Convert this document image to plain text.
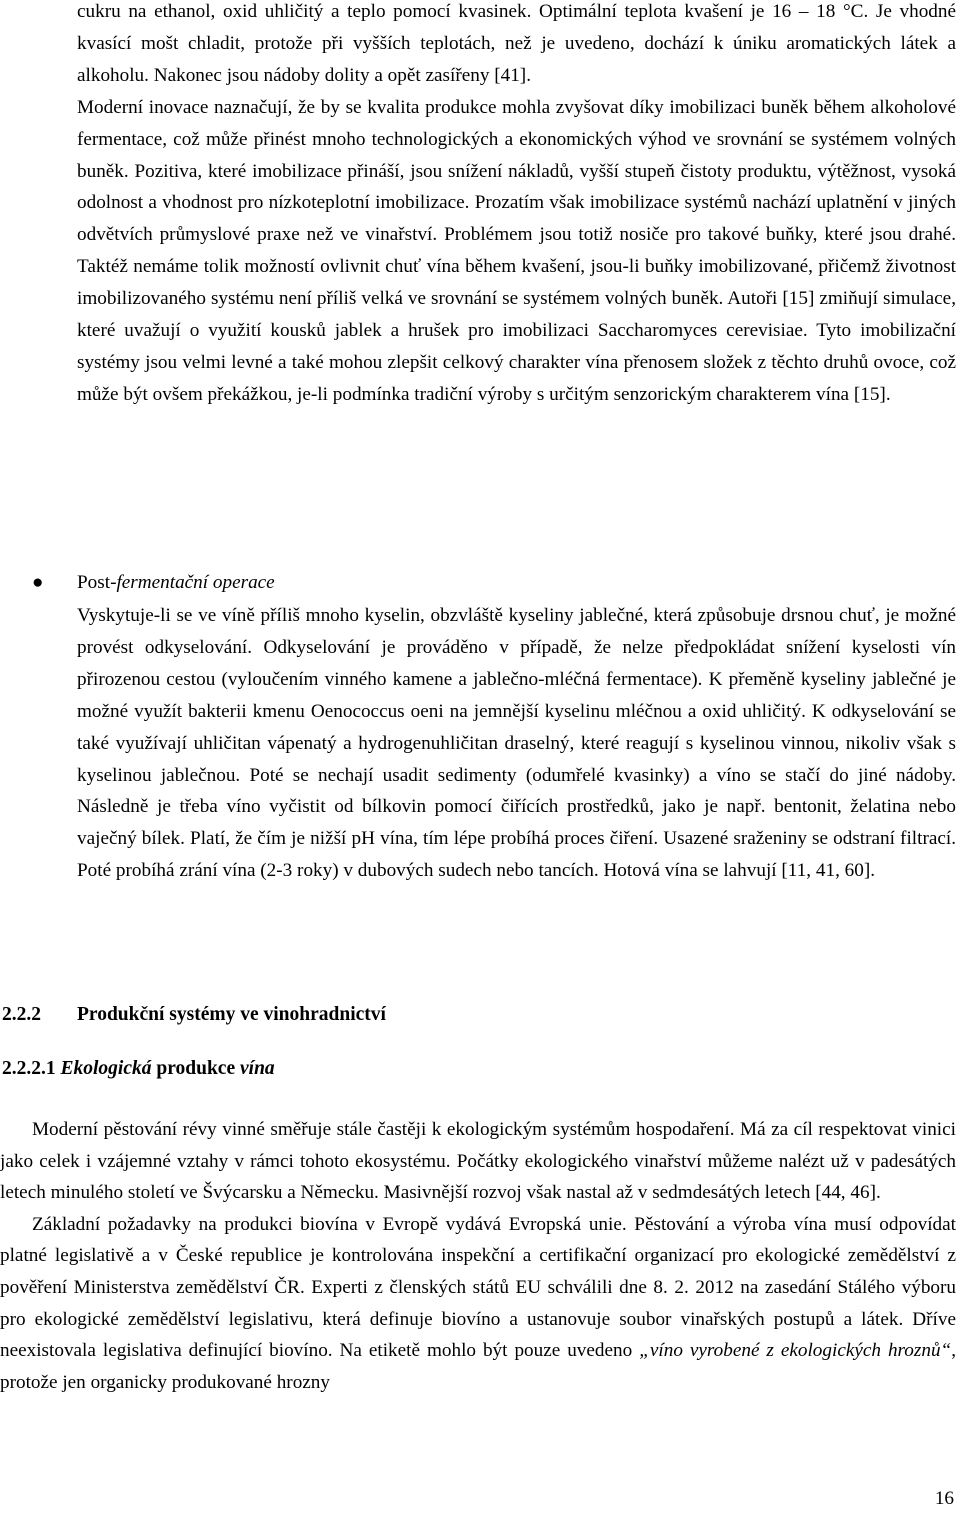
cukru na ethanol, oxid uhličitý a teplo pomocí kvasinek. Optimální teplota kvašení je 16 – 18 °C. Je vhodné kvasící mošt chladit, protože při vyšších teplotách, než je uvedeno, dochází k úniku aromatických látek a alkoholu. Nakonec jsou nádoby dolity a opět zasířeny [41].

Moderní inovace naznačují, že by se kvalita produkce mohla zvyšovat díky imobilizaci buněk během alkoholové fermentace, což může přinést mnoho technologických a ekonomických výhod ve srovnání se systémem volných buněk. Pozitiva, které imobilizace přináší, jsou snížení nákladů, vyšší stupeň čistoty produktu, výtěžnost, vysoká odolnost a vhodnost pro nízkoteplotní imobilizace. Prozatím však imobilizace systémů nachází uplatnění v jiných odvětvích průmyslové praxe než ve vinařství. Problémem jsou totiž nosiče pro takové buňky, které jsou drahé. Taktéž nemáme tolik možností ovlivnit chuť vína během kvašení, jsou-li buňky imobilizované, přičemž životnost imobilizovaného systému není příliš velká ve srovnání se systémem volných buněk. Autoři [15] zmiňují simulace, které uvažují o využití kousků jablek a hrušek pro imobilizaci Saccharomyces cerevisiae. Tyto imobilizační systémy jsou velmi levné a také mohou zlepšit celkový charakter vína přenosem složek z těchto druhů ovoce, což může být ovšem překážkou, je-li podmínka tradiční výroby s určitým senzorickým charakterem vína [15].

● Post-fermentační operace

Vyskytuje-li se ve víně příliš mnoho kyselin, obzvláště kyseliny jablečné, která způsobuje drsnou chuť, je možné provést odkyselování. Odkyselování je prováděno v případě, že nelze předpokládat snížení kyselosti vín přirozenou cestou (vyloučením vinného kamene a jablečno-mléčná fermentace). K přeměně kyseliny jablečné je možné využít bakterii kmenu Oenococcus oeni na jemnější kyselinu mléčnou a oxid uhličitý. K odkyselování se také využívají uhličitan vápenatý a hydrogenuhličitan draselný, které reagují s kyselinou vinnou, nikoliv však s kyselinou jablečnou. Poté se nechají usadit sedimenty (odumřelé kvasinky) a víno se stačí do jiné nádoby. Následně je třeba víno vyčistit od bílkovin pomocí čiřících prostředků, jako je např. bentonit, želatina nebo vaječný bílek. Platí, že čím je nižší pH vína, tím lépe probíhá proces čiření. Usazené sraženiny se odstraní filtrací. Poté probíhá zrání vína (2-3 roky) v dubových sudech nebo tancích. Hotová vína se lahvují [11, 41, 60].

2.2.2 Produkční systémy ve vinohradnictví

2.2.2.1 Ekologická produkce vína

Moderní pěstování révy vinné směřuje stále častěji k ekologickým systémům hospodaření. Má za cíl respektovat vinici jako celek i vzájemné vztahy v rámci tohoto ekosystému. Počátky ekologického vinařství můžeme nalézt už v padesátých letech minulého století ve Švýcarsku a Německu. Masivnější rozvoj však nastal až v sedmdesátých letech [44, 46].

Základní požadavky na produkci biovína v Evropě vydává Evropská unie. Pěstování a výroba vína musí odpovídat platné legislativě a v České republice je kontrolována inspekční a certifikační organizací pro ekologické zemědělství z pověření Ministerstva zemědělství ČR. Experti z členských států EU schválili dne 8. 2. 2012 na zasedání Stálého výboru pro ekologické zemědělství legislativu, která definuje biovíno a ustanovuje soubor vinařských postupů a látek. Dříve neexistovala legislativa definující biovíno. Na etiketě mohlo být pouze uvedeno „víno vyrobené z ekologických hroznů“, protože jen organicky produkované hrozny

16
